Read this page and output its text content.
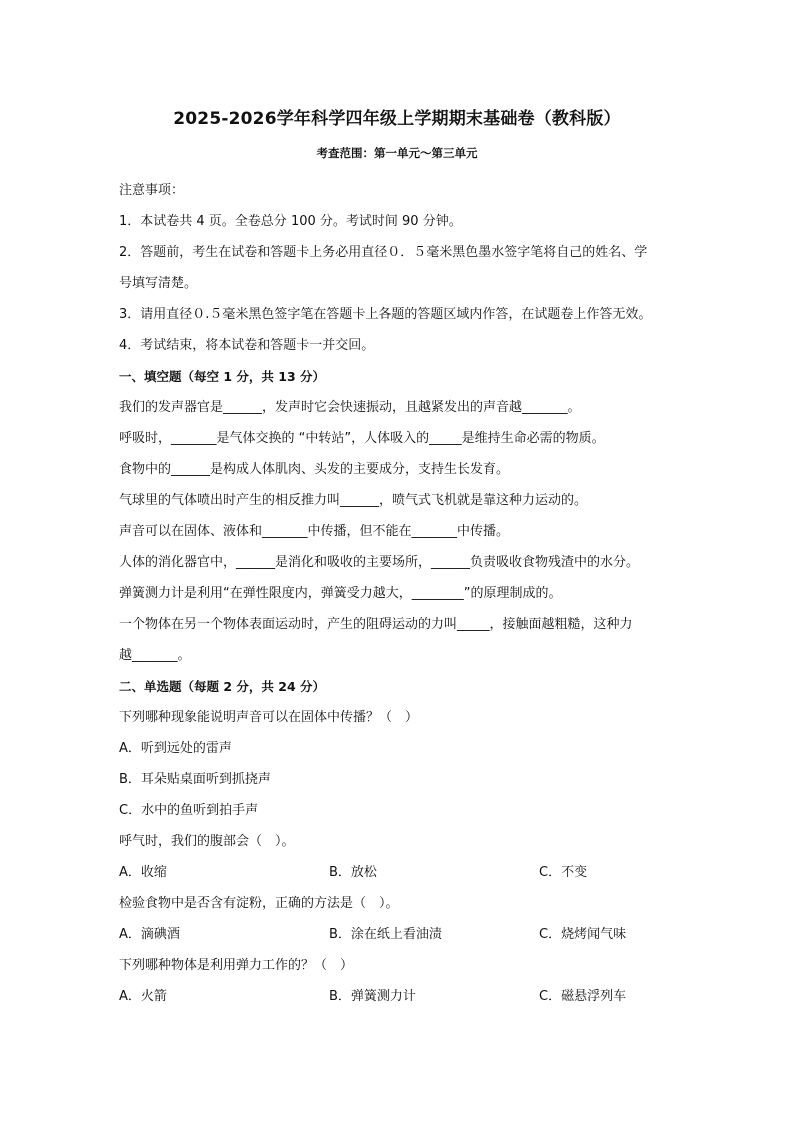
2025-2026学年科学四年级上学期期末基础卷（教科版）
考查范围：第一单元～第三单元
注意事项：
1．本试卷共 4 页。全卷总分 100 分。考试时间 90 分钟。
2．答题前，考生在试卷和答题卡上务必用直径０．５毫米黑色墨水签字笔将自己的姓名、学
号填写清楚。
3．请用直径０.５毫米黑色签字笔在答题卡上各题的答题区域内作答，在试题卷上作答无效。
4．考试结束，将本试卷和答题卡一并交回。
一、填空题（每空 1 分，共 13 分）
我们的发声器官是______，发声时它会快速振动，且越紧发出的声音越_______。
呼吸时，_______是气体交换的 “中转站”，人体吸入的_____是维持生命必需的物质。
食物中的______是构成人体肌肉、头发的主要成分，支持生长发育。
气球里的气体喷出时产生的相反推力叫______，喷气式飞机就是靠这种力运动的。
声音可以在固体、液体和_______中传播，但不能在_______中传播。
人体的消化器官中，______是消化和吸收的主要场所，______负责吸收食物残渣中的水分。
弹簧测力计是利用“在弹性限度内，弹簧受力越大，________”的原理制成的。
一个物体在另一个物体表面运动时，产生的阻碍运动的力叫_____，接触面越粗糙，这种力
越_______。
二、单选题（每题 2 分，共 24 分）
下列哪种现象能说明声音可以在固体中传播？（　）
A．听到远处的雷声
B．耳朵贴桌面听到抓挠声
C．水中的鱼听到拍手声
呼气时，我们的腹部会（　）。
A．收缩	B．放松	C．不变
检验食物中是否含有淀粉，正确的方法是（　）。
A．滴碘酒	B．涂在纸上看油渍	C．烧烤闻气味
下列哪种物体是利用弹力工作的？（　）
A．火箭	B．弹簧测力计	C．磁悬浮列车
